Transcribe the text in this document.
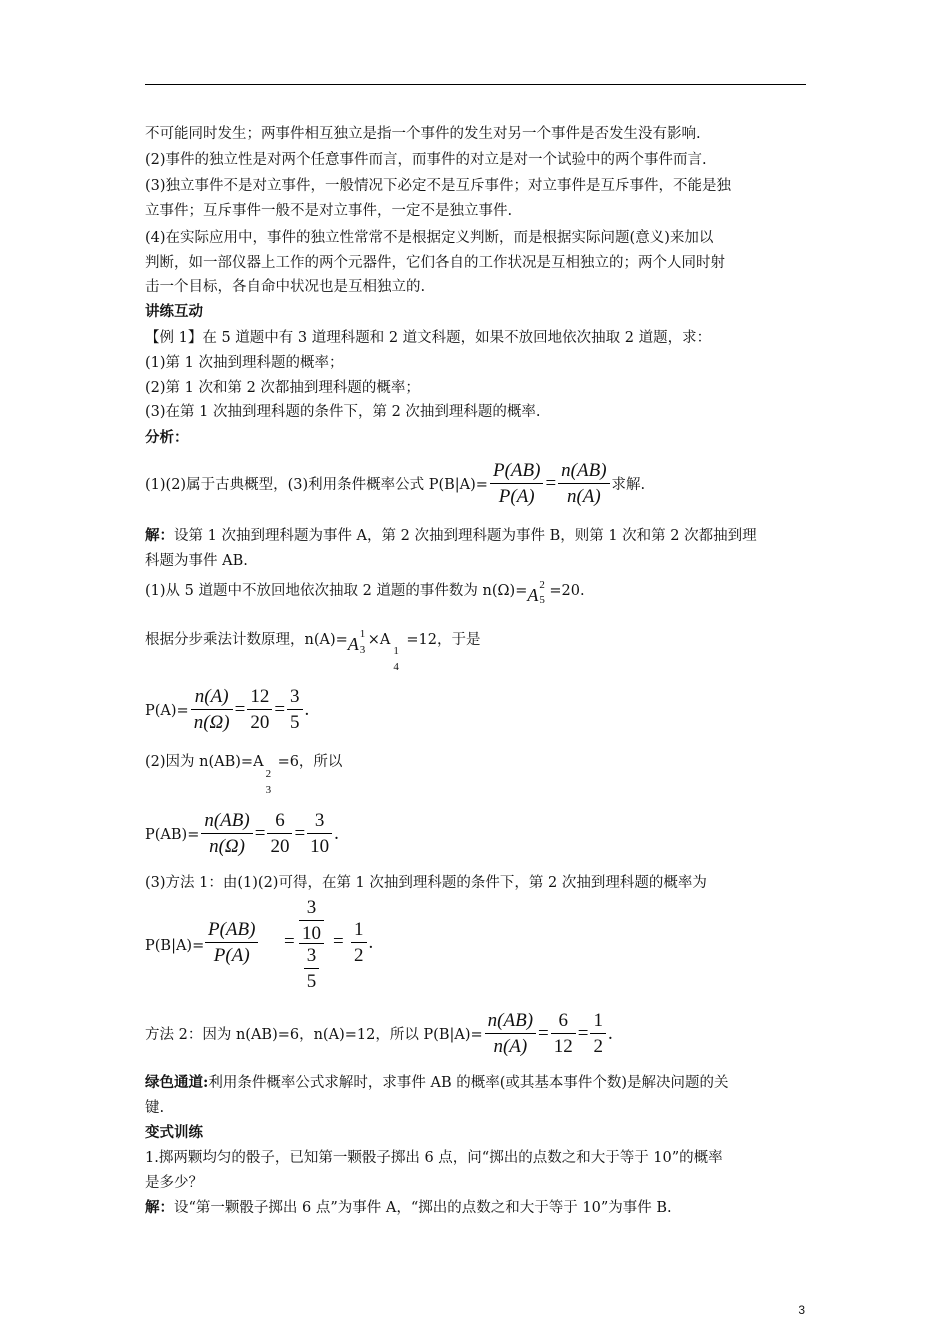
不可能同时发生；两事件相互独立是指一个事件的发生对另一个事件是否发生没有影响.
(2)事件的独立性是对两个任意事件而言，而事件的对立是对一个试验中的两个事件而言.
(3)独立事件不是对立事件，一般情况下必定不是互斥事件；对立事件是互斥事件，不能是独
立事件；互斥事件一般不是对立事件，一定不是独立事件.
(4)在实际应用中，事件的独立性常常不是根据定义判断，而是根据实际问题(意义)来加以
判断，如一部仪器上工作的两个元器件，它们各自的工作状况是互相独立的；两个人同时射
击一个目标，各自命中状况也是互相独立的.
讲练互动
【例 1】在 5 道题中有 3 道理科题和 2 道文科题，如果不放回地依次抽取 2 道题，求：
(1)第 1 次抽到理科题的概率；
(2)第 1 次和第 2 次都抽到理科题的概率；
(3)在第 1 次抽到理科题的条件下，第 2 次抽到理科题的概率.
分析：
(1)(2)属于古典概型，(3)利用条件概率公式 $P(B|A)= \frac{P(AB)}{P(A)} = \frac{n(AB)}{n(A)}$ 求解.
解：设第 1 次抽到理科题为事件 A，第 2 次抽到理科题为事件 B，则第 1 次和第 2 次都抽到理
科题为事件 AB.
(1)从 5 道题中不放回地依次抽取 2 道题的事件数为 n(Ω)=A 2
5
=20.
根据分步乘法计数原理，n(A)=A 1
3
×A
1
4
=12，于是
$P(A)= \frac{n(A)}{n(\Omega)} = \frac{12}{20} = \frac{3}{5}$ .
(2)因为 n(AB)=A
2
3
=6，所以
$P(AB)= \frac{n(AB)}{n(\Omega)} = \frac{6}{20} = \frac{3}{10}$ .
(3)方法 1：由(1)(2)可得，在第 1 次抽到理科题的条件下，第 2 次抽到理科题的概率为
$P(B|A)= \frac{P(AB)}{P(A)} = \frac{\frac{3}{10}}{\frac{3}{5}} = \frac{1}{2}$ .
方法 2：因为 n(AB)=6，n(A)=12，所以 $P(B|A)= \frac{n(AB)}{n(A)} = \frac{6}{12} = \frac{1}{2}$ .
绿色通道:利用条件概率公式求解时，求事件 AB 的概率(或其基本事件个数)是解决问题的关
键.
变式训练
1.掷两颗均匀的骰子，已知第一颗骰子掷出 6 点，问“掷出的点数之和大于等于 10”的概率
是多少？
解：设“第一颗骰子掷出 6 点”为事件 A，“掷出的点数之和大于等于 10”为事件 B.
3
